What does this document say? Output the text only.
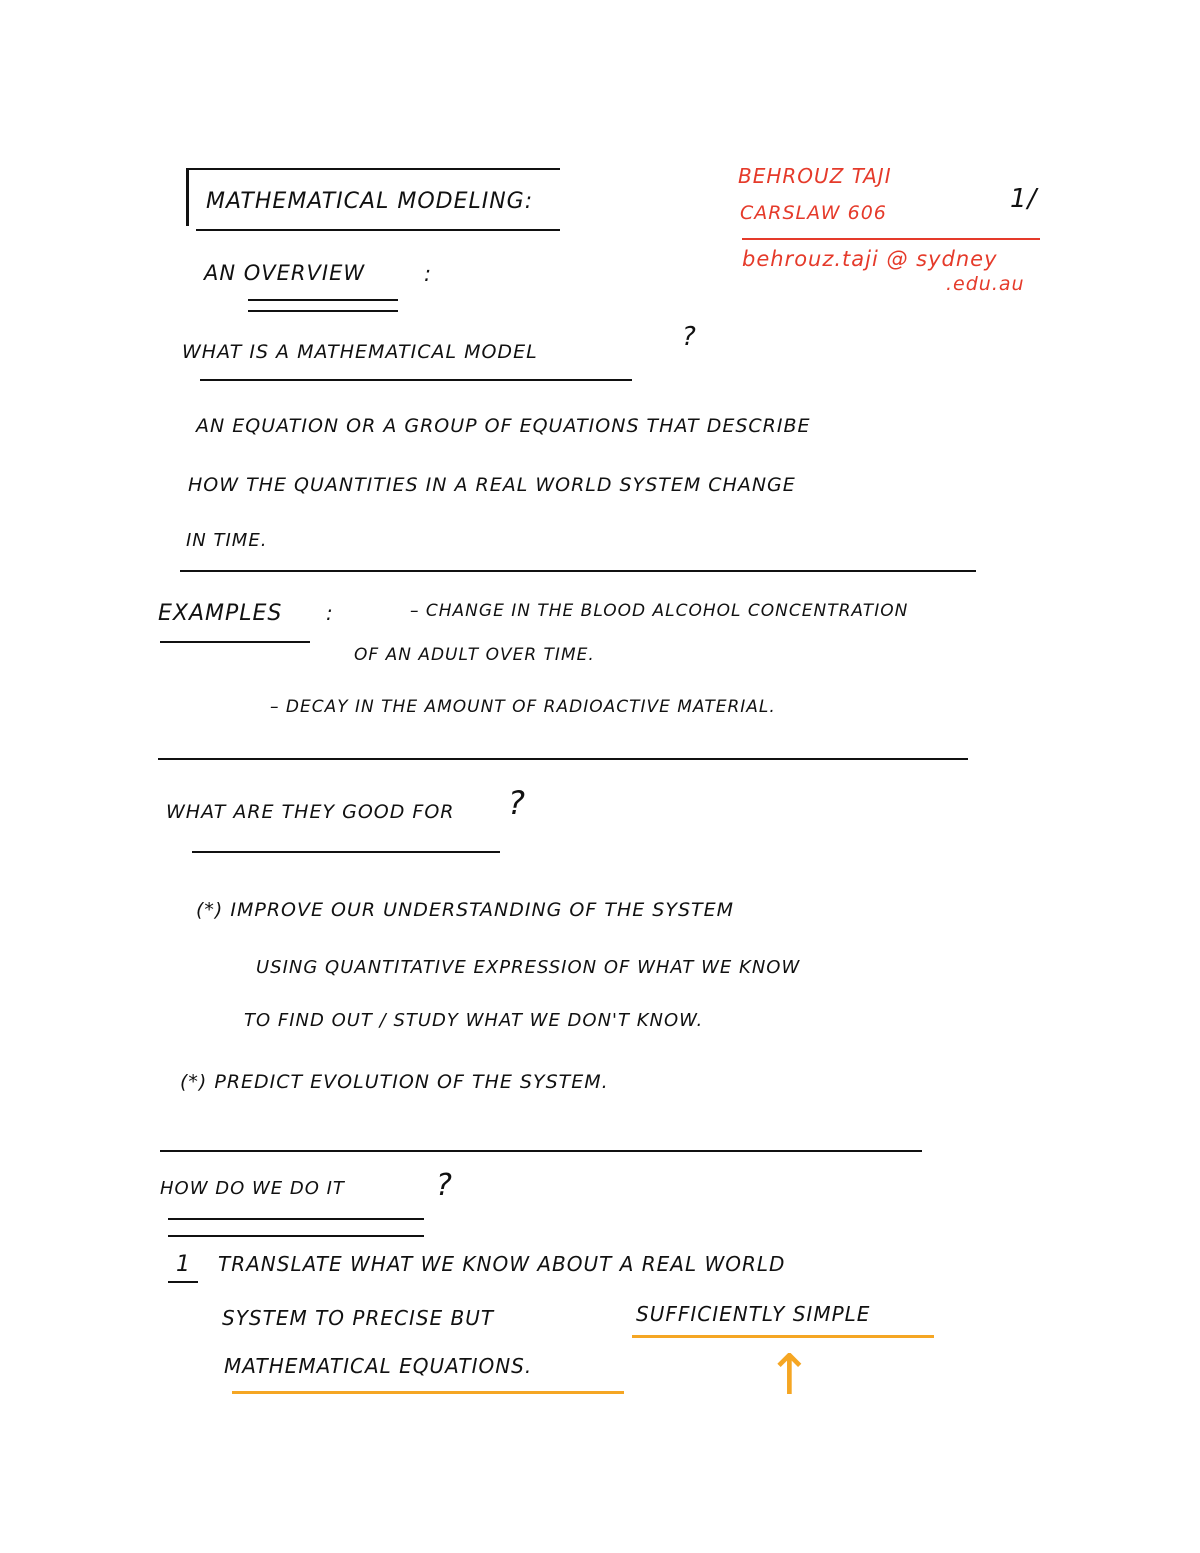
MATHEMATICAL MODELING:
AN OVERVIEW	:
BEHROUZ TAJI
CARSLAW 606
behrouz.taji @ sydney
.edu.au
1/
WHAT IS A MATHEMATICAL MODEL	?
AN EQUATION OR A GROUP OF EQUATIONS THAT DESCRIBE
HOW THE QUANTITIES IN A REAL WORLD SYSTEM CHANGE
IN TIME.
EXAMPLES :	– CHANGE IN THE BLOOD ALCOHOL CONCENTRATION
OF AN ADULT OVER TIME.
– DECAY IN THE AMOUNT OF RADIOACTIVE MATERIAL.
WHAT ARE THEY GOOD FOR ?
(*) IMPROVE OUR UNDERSTANDING OF THE SYSTEM
USING QUANTITATIVE EXPRESSION OF WHAT WE KNOW
TO FIND OUT / STUDY WHAT WE DON'T KNOW.
(*) PREDICT EVOLUTION OF THE SYSTEM.
HOW DO WE DO IT	?
1 TRANSLATE WHAT WE KNOW ABOUT A REAL WORLD
SYSTEM TO PRECISE BUT	SUFFICIENTLY SIMPLE
MATHEMATICAL EQUATIONS.	↑
